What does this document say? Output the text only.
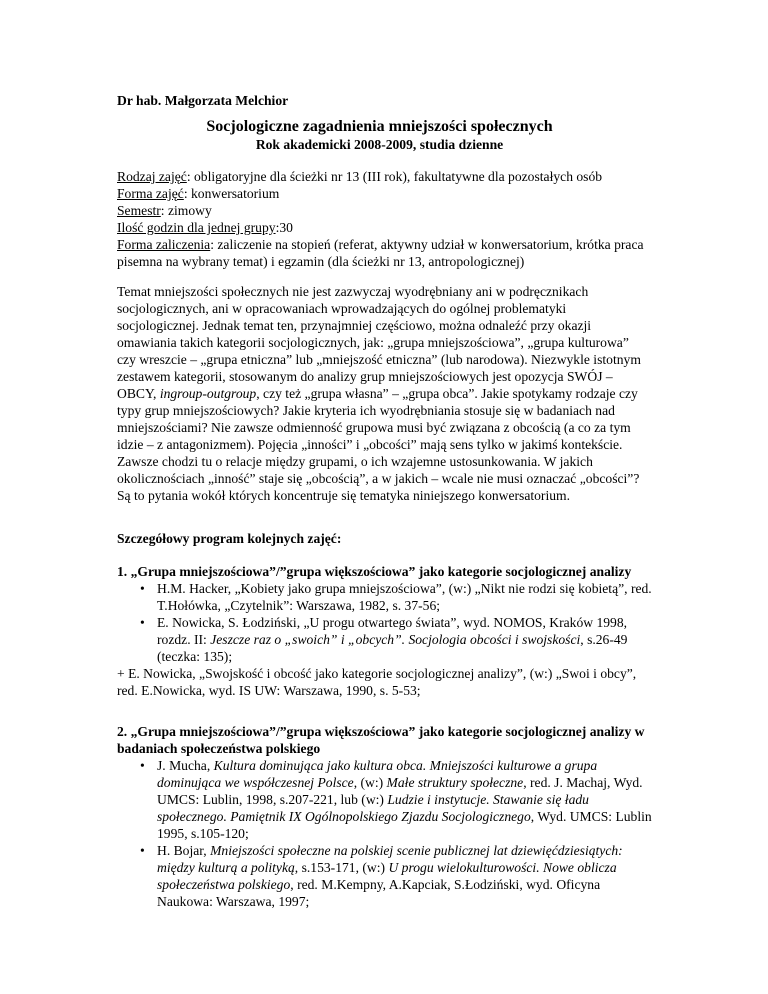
Dr hab. Małgorzata Melchior
Socjologiczne zagadnienia mniejszości społecznych
Rok akademicki 2008-2009, studia dzienne
Rodzaj zajęć: obligatoryjne dla ścieżki nr 13 (III rok), fakultatywne dla pozostałych osób
Forma zajęć: konwersatorium
Semestr: zimowy
Ilość godzin dla jednej grupy:30
Forma zaliczenia: zaliczenie na stopień (referat, aktywny udział w konwersatorium, krótka praca pisemna na wybrany temat) i egzamin (dla ścieżki nr 13, antropologicznej)

Temat mniejszości społecznych nie jest zazwyczaj wyodrębniany ani w podręcznikach socjologicznych, ani w opracowaniach wprowadzających do ogólnej problematyki socjologicznej. Jednak temat ten, przynajmniej częściowo, można odnaleźć przy okazji omawiania takich kategorii socjologicznych, jak: „grupa mniejszościowa”, „grupa kulturowa” czy wreszcie – „grupa etniczna” lub „mniejszość etniczna” (lub narodowa). Niezwykle istotnym zestawem kategorii, stosowanym do analizy grup mniejszościowych jest opozycja SWÓJ – OBCY, ingroup-outgroup, czy też „grupa własna” – „grupa obca”. Jakie spotykamy rodzaje czy typy grup mniejszościowych? Jakie kryteria ich wyodrębniania stosuje się w badaniach nad mniejszościami? Nie zawsze odmienność grupowa musi być związana z obcością (a co za tym idzie – z antagonizmem). Pojęcia „inności” i „obcości” mają sens tylko w jakimś kontekście. Zawsze chodzi tu o relacje między grupami, o ich wzajemne ustosunkowania. W jakich okolicznościach „inność” staje się „obcością”, a w jakich – wcale nie musi oznaczać „obcości”? Są to pytania wokół których koncentruje się tematyka niniejszego konwersatorium.

Szczegółowy program kolejnych zajęć:

1. „Grupa mniejszościowa”/”grupa większościowa” jako kategorie socjologicznej analizy

• H.M. Hacker, „Kobiety jako grupa mniejszościowa”, (w:) „Nikt nie rodzi się kobietą”, red. T.Hołówka, „Czytelnik”: Warszawa, 1982, s. 37-56;
• E. Nowicka, S. Łodziński, „U progu otwartego świata”, wyd. NOMOS, Kraków 1998, rozdz. II: Jeszcze raz o „swoich” i „obcych”. Socjologia obcości i swojskości, s.26-49 (teczka: 135);

+ E. Nowicka, „Swojskość i obcość jako kategorie socjologicznej analizy”, (w:) „Swoi i obcy”, red. E.Nowicka, wyd. IS UW: Warszawa, 1990, s. 5-53;

2. „Grupa mniejszościowa”/”grupa większościowa” jako kategorie socjologicznej analizy w badaniach społeczeństwa polskiego

• J. Mucha, Kultura dominująca jako kultura obca. Mniejszości kulturowe a grupa dominująca we współczesnej Polsce, (w:) Małe struktury społeczne, red. J. Machaj, Wyd. UMCS: Lublin, 1998, s.207-221, lub (w:) Ludzie i instytucje. Stawanie się ładu społecznego. Pamiętnik IX Ogólnopolskiego Zjazdu Socjologicznego, Wyd. UMCS: Lublin 1995, s.105-120;
• H. Bojar, Mniejszości społeczne na polskiej scenie publicznej lat dziewięćdziesiątych: między kulturą a polityką, s.153-171, (w:) U progu wielokulturowości. Nowe oblicza społeczeństwa polskiego, red. M.Kempny, A.Kapciak, S.Łodziński, wyd. Oficyna Naukowa: Warszawa, 1997;
